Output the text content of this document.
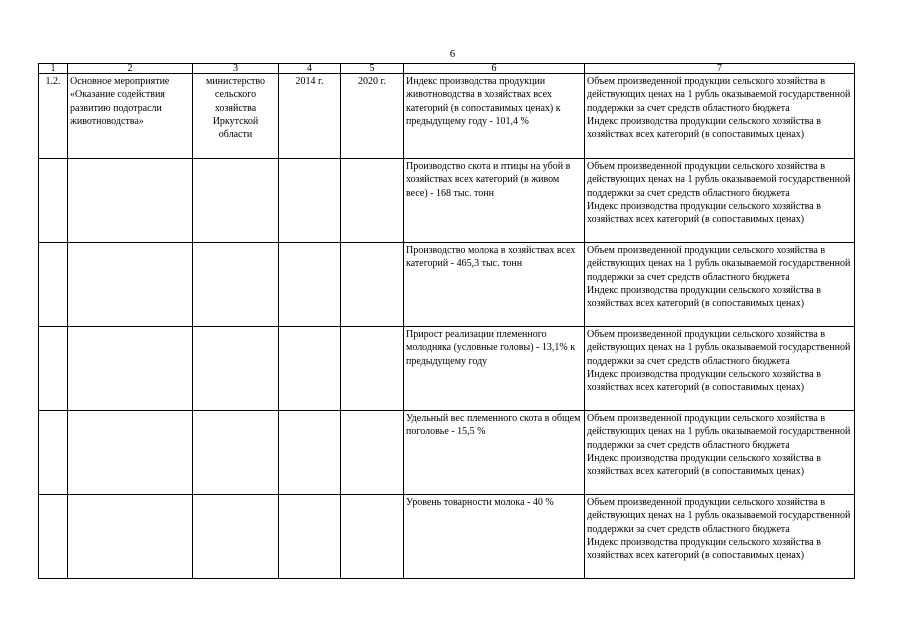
6
1	2	3	4	5	6	7
1.2.	Основное мероприятие «Оказание содействия развитию подотрасли животноводства»	министерство сельского хозяйства Иркутской области	2014 г.	2020 г.	Индекс производства продукции животноводства в хозяйствах всех категорий (в сопоставимых ценах) к предыдущему году - 101,4 %	Объем произведенной продукции сельского хозяйства в действующих ценах на 1 рубль оказываемой государственной поддержки за счет средств областного бюджета
Индекс производства продукции сельского хозяйства в хозяйствах всех категорий (в сопоставимых ценах)

					Производство скота и птицы на убой в хозяйствах всех категорий (в живом весе) - 168 тыс. тонн	Объем произведенной продукции сельского хозяйства в действующих ценах на 1 рубль оказываемой государственной поддержки за счет средств областного бюджета
Индекс производства продукции сельского хозяйства в хозяйствах всех категорий (в сопоставимых ценах)

					Производство молока в хозяйствах всех категорий - 465,3 тыс. тонн	Объем произведенной продукции сельского хозяйства в действующих ценах на 1 рубль оказываемой государственной поддержки за счет средств областного бюджета
Индекс производства продукции сельского хозяйства в хозяйствах всех категорий (в сопоставимых ценах)

					Прирост реализации племенного молодняка (условные головы) - 13,1% к предыдущему году	Объем произведенной продукции сельского хозяйства в действующих ценах на 1 рубль оказываемой государственной поддержки за счет средств областного бюджета
Индекс производства продукции сельского хозяйства в хозяйствах всех категорий (в сопоставимых ценах)

					Удельный вес племенного скота в общем поголовье - 15,5 %	Объем произведенной продукции сельского хозяйства в действующих ценах на 1 рубль оказываемой государственной поддержки за счет средств областного бюджета
Индекс производства продукции сельского хозяйства в хозяйствах всех категорий (в сопоставимых ценах)

					Уровень товарности молока - 40 %	Объем произведенной продукции сельского хозяйства в действующих ценах на 1 рубль оказываемой государственной поддержки за счет средств областного бюджета
Индекс производства продукции сельского хозяйства в хозяйствах всех категорий (в сопоставимых ценах)
